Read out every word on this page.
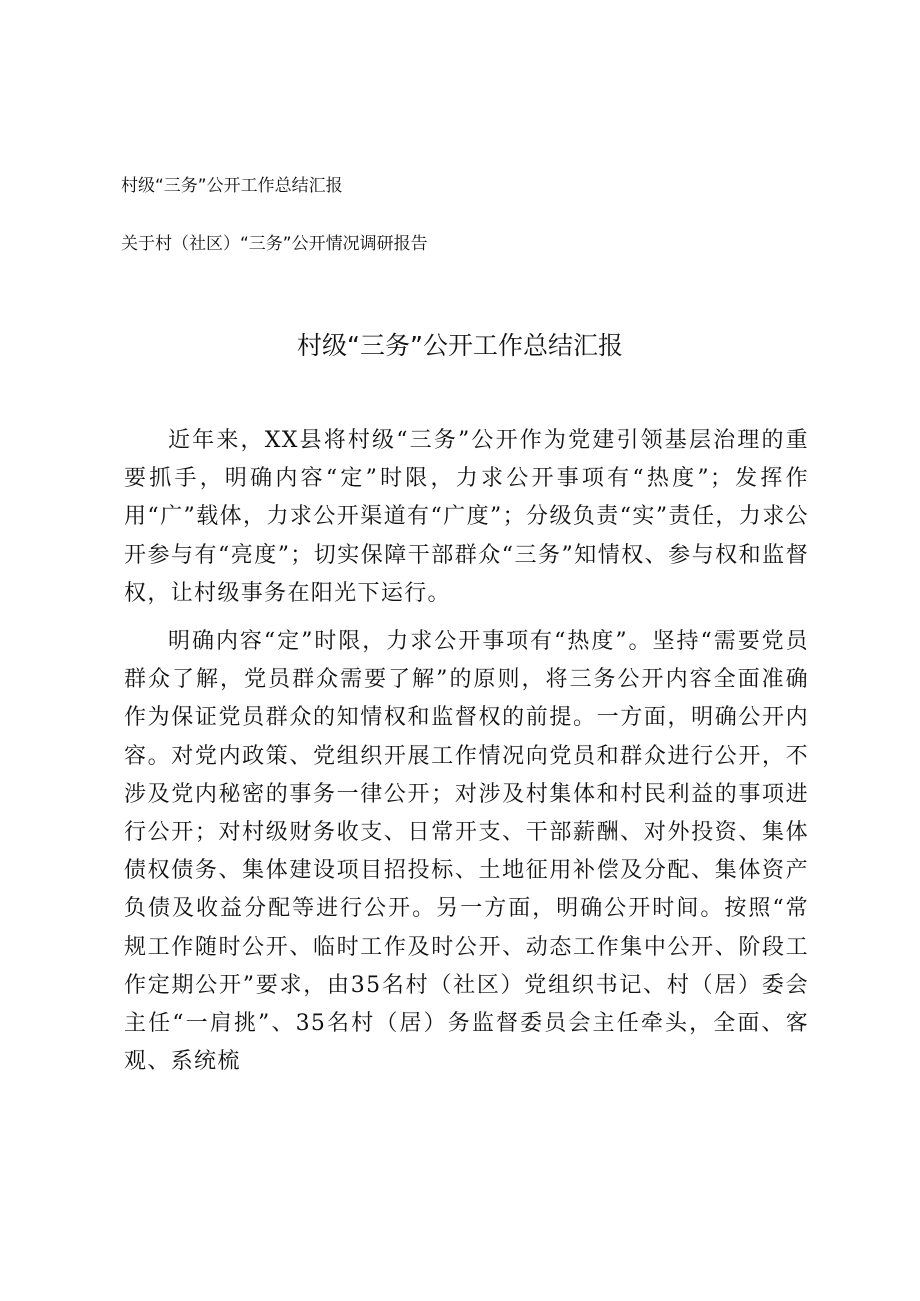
村级“三务”公开工作总结汇报
关于村（社区）“三务”公开情况调研报告
村级“三务”公开工作总结汇报

近年来，XX县将村级“三务”公开作为党建引领基层治理的重要抓手，明确内容“定”时限，力求公开事项有“热度”；发挥作用“广”载体，力求公开渠道有“广度”；分级负责“实”责任，力求公开参与有“亮度”；切实保障干部群众“三务”知情权、参与权和监督权，让村级事务在阳光下运行。

明确内容“定”时限，力求公开事项有“热度”。坚持“需要党员群众了解，党员群众需要了解”的原则，将三务公开内容全面准确作为保证党员群众的知情权和监督权的前提。一方面，明确公开内容。对党内政策、党组织开展工作情况向党员和群众进行公开，不涉及党内秘密的事务一律公开；对涉及村集体和村民利益的事项进行公开；对村级财务收支、日常开支、干部薪酬、对外投资、集体债权债务、集体建设项目招投标、土地征用补偿及分配、集体资产负债及收益分配等进行公开。另一方面，明确公开时间。按照“常规工作随时公开、临时工作及时公开、动态工作集中公开、阶段工作定期公开”要求，由35名村（社区）党组织书记、村（居）委会主任“一肩挑”、35名村（居）务监督委员会主任牵头，全面、客观、系统梳
